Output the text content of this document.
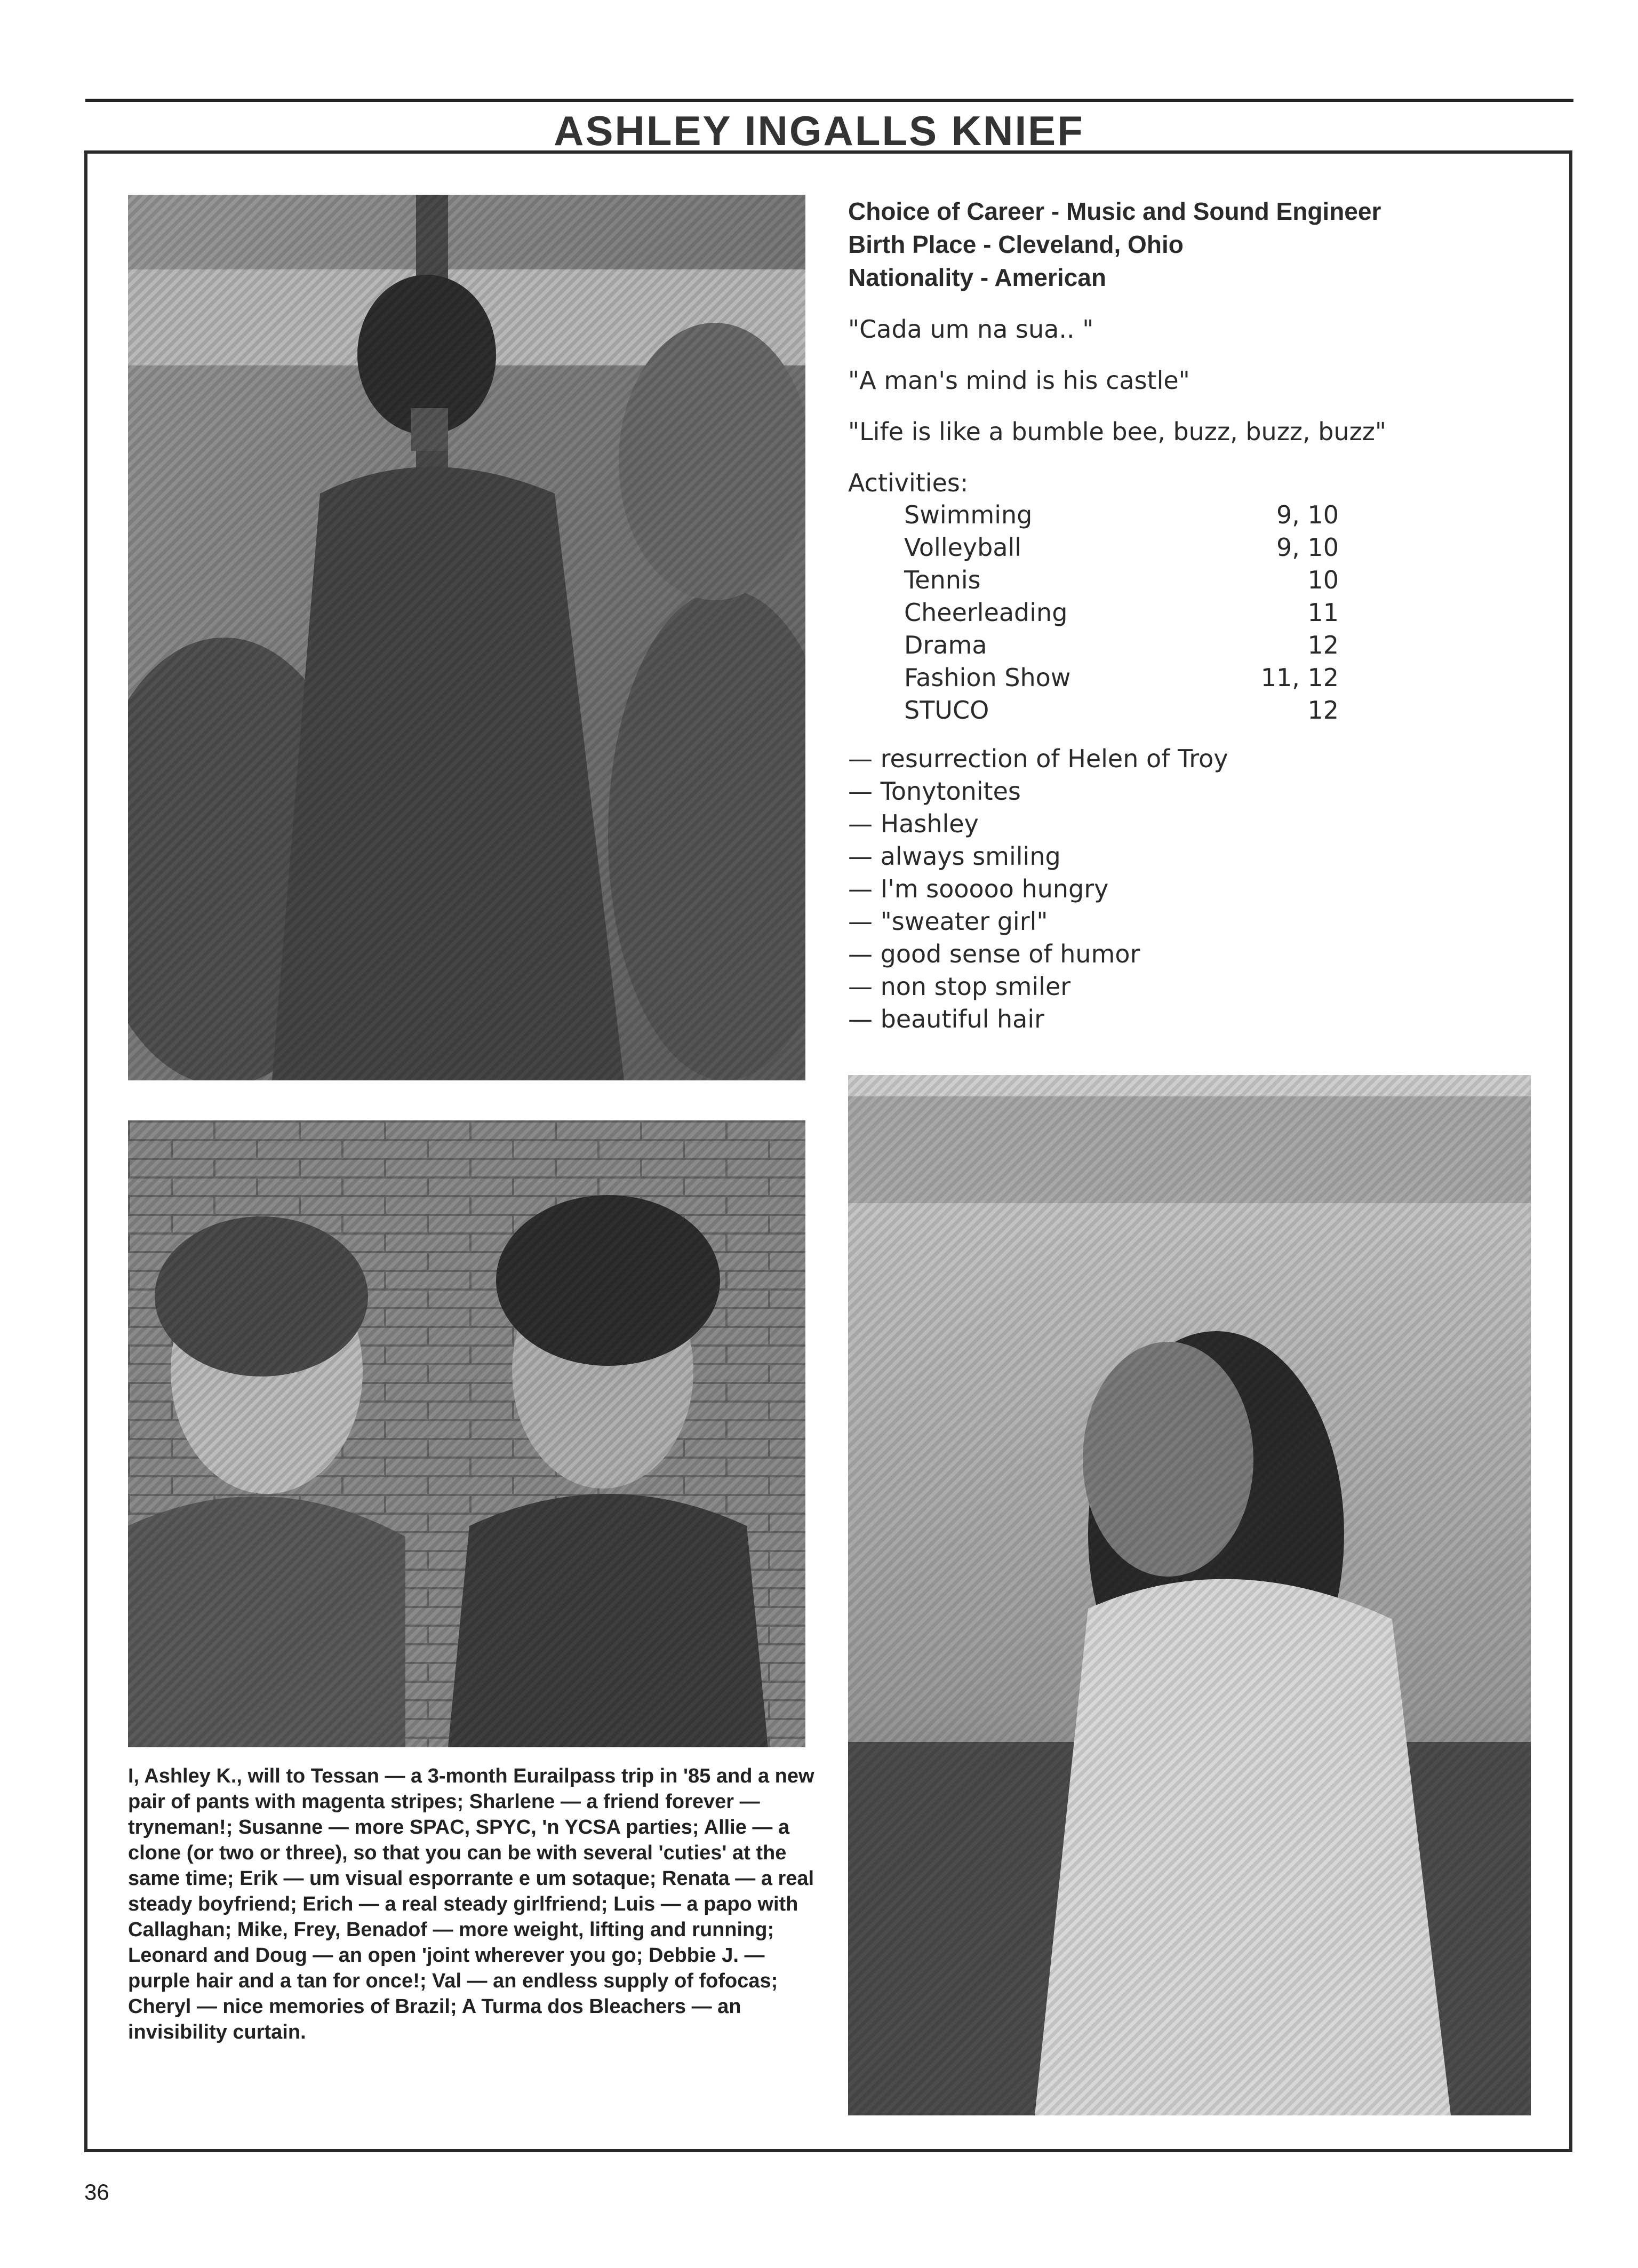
ASHLEY INGALLS KNIEF
Choice of Career - Music and Sound Engineer
Birth Place - Cleveland, Ohio
Nationality - American
"Cada um na sua.. "
"A man's mind is his castle"
"Life is like a bumble bee, buzz, buzz, buzz"
Activities:
Swimming	9, 10
Volleyball	9, 10
Tennis	10
Cheerleading	11
Drama	12
Fashion Show	11, 12
STUCO	12
— resurrection of Helen of Troy
— Tonytonites
— Hashley
— always smiling
— I'm sooooo hungry
— "sweater girl"
— good sense of humor
— non stop smiler
— beautiful hair
I, Ashley K., will to Tessan — a 3-month Eurailpass trip in '85 and a new pair of pants with magenta stripes; Sharlene — a friend forever — tryneman!; Susanne — more SPAC, SPYC, 'n YCSA parties; Allie — a clone (or two or three), so that you can be with several 'cuties' at the same time; Erik — um visual esporrante e um sotaque; Renata — a real steady boyfriend; Erich — a real steady girlfriend; Luis — a papo with Callaghan; Mike, Frey, Benadof — more weight, lifting and running; Leonard and Doug — an open 'joint wherever you go; Debbie J. — purple hair and a tan for once!; Val — an endless supply of fofocas; Cheryl — nice memories of Brazil; A Turma dos Bleachers — an invisibility curtain.
36
